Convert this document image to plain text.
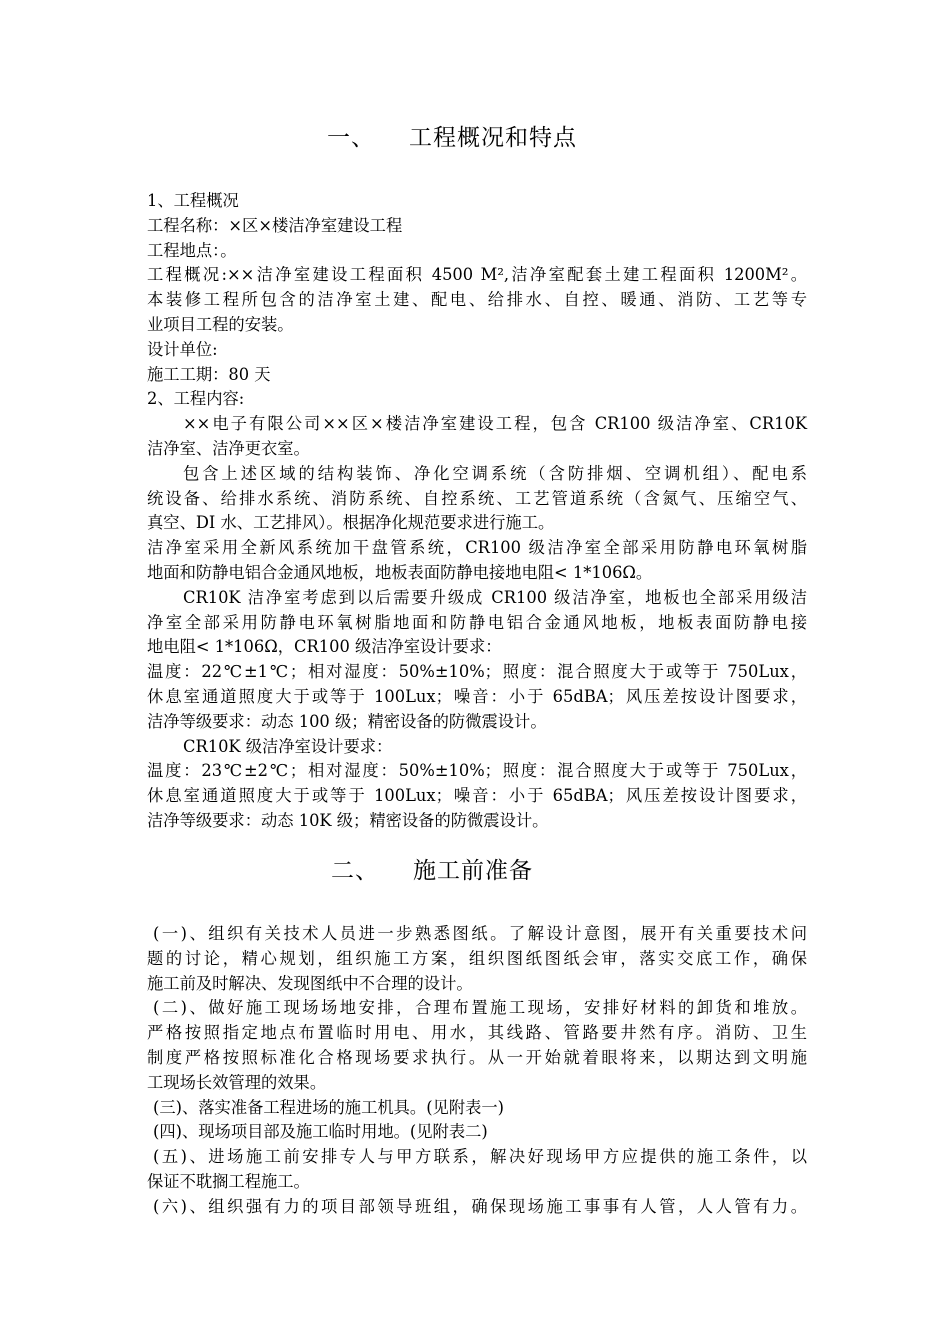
一、 工程概况和特点
1、工程概况
工程名称：×区×楼洁净室建设工程
工程地点：。
工程概况:××洁净室建设工程面积 4500 M²,洁净室配套土建工程面积 1200M²。
本装修工程所包含的洁净室土建、配电、给排水、自控、暖通、消防、工艺等专
业项目工程的安装。
设计单位:
施工工期：80 天
2、工程内容:
××电子有限公司××区×楼洁净室建设工程，包含 CR100 级洁净室、CR10K
洁净室、洁净更衣室。
包含上述区域的结构装饰、净化空调系统（含防排烟、空调机组）、配电系
统设备、给排水系统、消防系统、自控系统、工艺管道系统（含氮气、压缩空气、
真空、DI 水、工艺排风）。根据净化规范要求进行施工。
洁净室采用全新风系统加干盘管系统，CR100 级洁净室全部采用防静电环氧树脂
地面和防静电铝合金通风地板，地板表面防静电接地电阻< 1*106Ω。
CR10K 洁净室考虑到以后需要升级成 CR100 级洁净室，地板也全部采用级洁
净室全部采用防静电环氧树脂地面和防静电铝合金通风地板，地板表面防静电接
地电阻< 1*106Ω，CR100 级洁净室设计要求：
温度：22℃±1℃；相对湿度：50%±10%；照度：混合照度大于或等于 750Lux，
休息室通道照度大于或等于 100Lux；噪音：小于 65dBA；风压差按设计图要求，
洁净等级要求：动态 100 级；精密设备的防微震设计。
CR10K 级洁净室设计要求：
温度：23℃±2℃；相对湿度：50%±10%；照度：混合照度大于或等于 750Lux，
休息室通道照度大于或等于 100Lux；噪音：小于 65dBA；风压差按设计图要求，
洁净等级要求：动态 10K 级；精密设备的防微震设计。
二、 施工前准备
(一)、组织有关技术人员进一步熟悉图纸。了解设计意图，展开有关重要技术问
题的讨论，精心规划，组织施工方案，组织图纸图纸会审，落实交底工作，确保
施工前及时解决、发现图纸中不合理的设计。
(二)、做好施工现场场地安排，合理布置施工现场，安排好材料的卸货和堆放。
严格按照指定地点布置临时用电、用水，其线路、管路要井然有序。消防、卫生
制度严格按照标准化合格现场要求执行。从一开始就着眼将来，以期达到文明施
工现场长效管理的效果。
(三)、落实准备工程进场的施工机具。(见附表一)
(四)、现场项目部及施工临时用地。(见附表二)
(五)、进场施工前安排专人与甲方联系，解决好现场甲方应提供的施工条件，以
保证不耽搁工程施工。
(六)、组织强有力的项目部领导班组，确保现场施工事事有人管，人人管有力。
